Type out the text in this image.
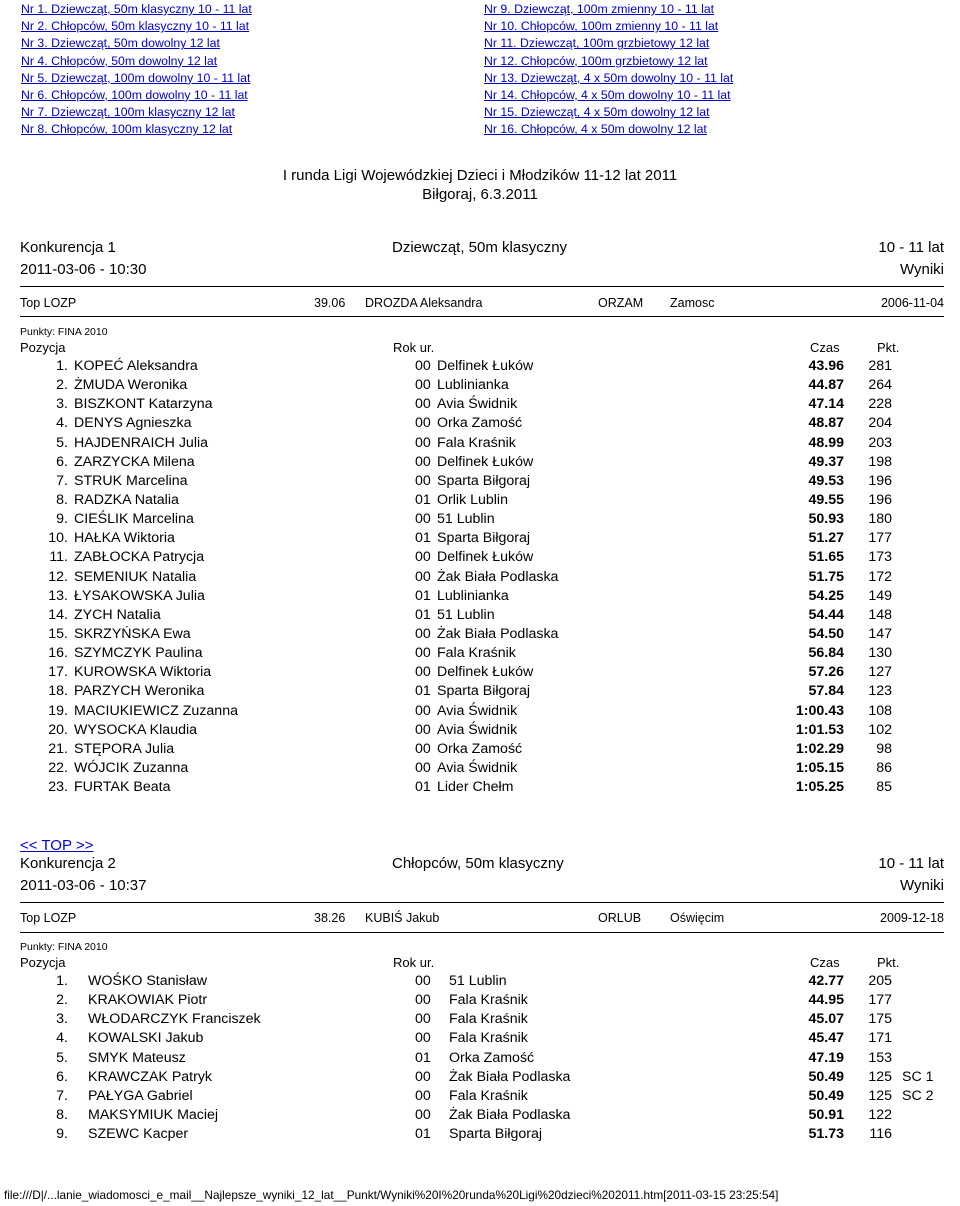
Nr 1. Dziewcząt, 50m klasyczny 10 - 11 lat
Nr 2. Chłopców, 50m klasyczny 10 - 11 lat
Nr 3. Dziewcząt, 50m dowolny 12 lat
Nr 4. Chłopców, 50m dowolny 12 lat
Nr 5. Dziewcząt, 100m dowolny 10 - 11 lat
Nr 6. Chłopców, 100m dowolny 10 - 11 lat
Nr 7. Dziewcząt, 100m klasyczny 12 lat
Nr 8. Chłopców, 100m klasyczny 12 lat
Nr 9. Dziewcząt, 100m zmienny 10 - 11 lat
Nr 10. Chłopców, 100m zmienny 10 - 11 lat
Nr 11. Dziewcząt, 100m grzbietowy 12 lat
Nr 12. Chłopców, 100m grzbietowy 12 lat
Nr 13. Dziewcząt, 4 x 50m dowolny 10 - 11 lat
Nr 14. Chłopców, 4 x 50m dowolny 10 - 11 lat
Nr 15. Dziewcząt, 4 x 50m dowolny 12 lat
Nr 16. Chłopców, 4 x 50m dowolny 12 lat
I runda Ligi Wojewódzkiej Dzieci i Młodzików 11-12 lat 2011
Biłgoraj, 6.3.2011
Konkurencja 1	Dziewcząt, 50m klasyczny	10 - 11 lat
2011-03-06 - 10:30	Wyniki
Top LOZP	39.06 DROZDA Aleksandra	ORZAM Zamosc	2006-11-04
Punkty: FINA 2010
Pozycja	Rok ur.	Czas	Pkt.
1. KOPEĆ Aleksandra	00 Delfinek Łuków	43.96	281
2. ŻMUDA Weronika	00 Lublinianka	44.87	264
3. BISZKONT Katarzyna	00 Avia Świdnik	47.14	228
4. DENYS Agnieszka	00 Orka Zamość	48.87	204
5. HAJDENRAICH Julia	00 Fala Kraśnik	48.99	203
6. ZARZYCKA Milena	00 Delfinek Łuków	49.37	198
7. STRUK Marcelina	00 Sparta Biłgoraj	49.53	196
8. RADZKA Natalia	01 Orlik Lublin	49.55	196
9. CIEŚLIK Marcelina	00 51 Lublin	50.93	180
10. HAŁKA Wiktoria	01 Sparta Biłgoraj	51.27	177
11. ZABŁOCKA Patrycja	00 Delfinek Łuków	51.65	173
12. SEMENIUK Natalia	00 Żak Biała Podlaska	51.75	172
13. ŁYSAKOWSKA Julia	01 Lublinianka	54.25	149
14. ZYCH Natalia	01 51 Lublin	54.44	148
15. SKRZYŃSKA Ewa	00 Żak Biała Podlaska	54.50	147
16. SZYMCZYK Paulina	00 Fala Kraśnik	56.84	130
17. KUROWSKA Wiktoria	00 Delfinek Łuków	57.26	127
18. PARZYCH Weronika	01 Sparta Biłgoraj	57.84	123
19. MACIUKIEWICZ Zuzanna	00 Avia Świdnik	1:00.43	108
20. WYSOCKA Klaudia	00 Avia Świdnik	1:01.53	102
21. STĘPORA Julia	00 Orka Zamość	1:02.29	98
22. WÓJCIK Zuzanna	00 Avia Świdnik	1:05.15	86
23. FURTAK Beata	01 Lider Chełm	1:05.25	85
<< TOP >>
Konkurencja 2	Chłopców, 50m klasyczny	10 - 11 lat
2011-03-06 - 10:37	Wyniki
Top LOZP	38.26 KUBIŚ Jakub	ORLUB Oświęcim	2009-12-18
Punkty: FINA 2010
Pozycja	Rok ur.	Czas	Pkt.
1. WOŚKO Stanisław	00 51 Lublin	42.77	205
2. KRAKOWIAK Piotr	00 Fala Kraśnik	44.95	177
3. WŁODARCZYK Franciszek	00 Fala Kraśnik	45.07	175
4. KOWALSKI Jakub	00 Fala Kraśnik	45.47	171
5. SMYK Mateusz	01 Orka Zamość	47.19	153
6. KRAWCZAK Patryk	00 Żak Biała Podlaska	50.49	125 SC 1
7. PAŁYGA Gabriel	00 Fala Kraśnik	50.49	125 SC 2
8. MAKSYMIUK Maciej	00 Żak Biała Podlaska	50.91	122
9. SZEWC Kacper	01 Sparta Biłgoraj	51.73	116
file:///D|/...lanie_wiadomosci_e_mail__Najlepsze_wyniki_12_lat__Punkt/Wyniki%20I%20runda%20Ligi%20dzieci%202011.htm[2011-03-15 23:25:54]
